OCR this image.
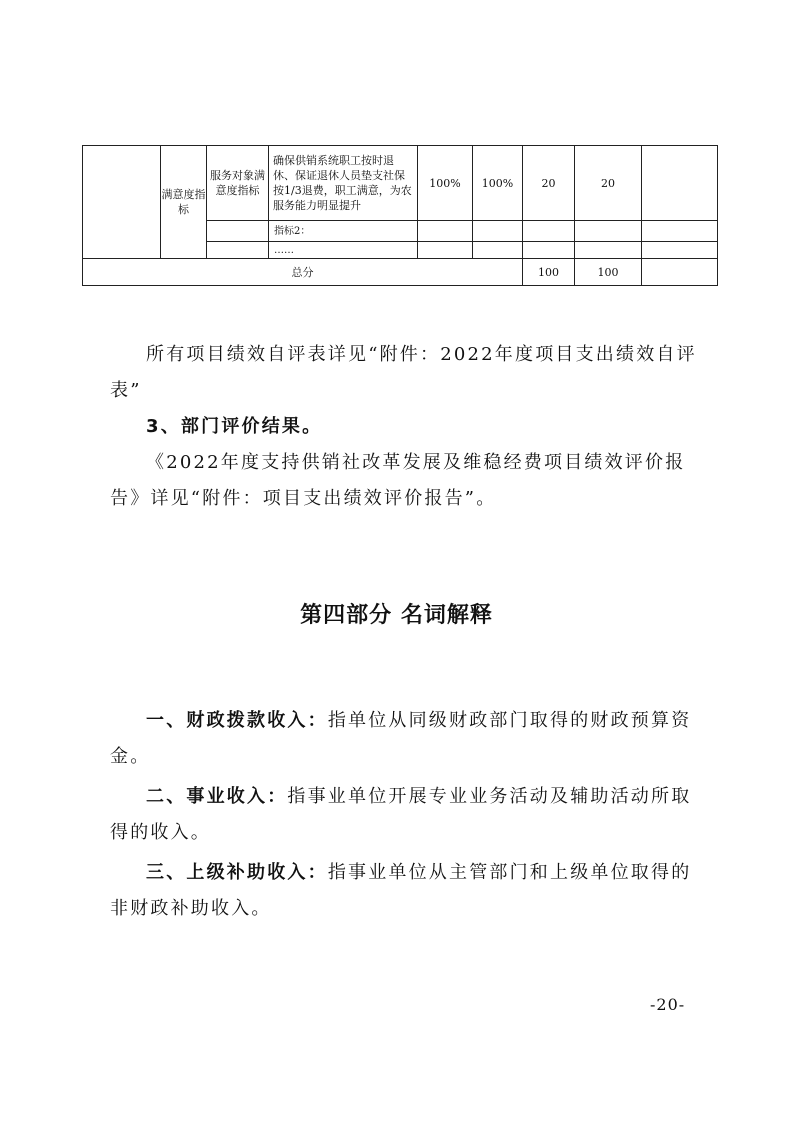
	满意度指标	服务对象满意度指标	确保供销系统职工按时退休、保证退休人员垫支社保按1/3退费，职工满意，为农服务能力明显提升	100%	100%	20	20	
			指标2：					
			……					
总分						100	100	

所有项目绩效自评表详见“附件：2022年度项目支出绩效自评表”

3、部门评价结果。

《2022年度支持供销社改革发展及维稳经费项目绩效评价报告》详见“附件：项目支出绩效评价报告”。

第四部分 名词解释

一、财政拨款收入：指单位从同级财政部门取得的财政预算资金。

二、事业收入：指事业单位开展专业业务活动及辅助活动所取得的收入。

三、上级补助收入：指事业单位从主管部门和上级单位取得的非财政补助收入。

-20-
